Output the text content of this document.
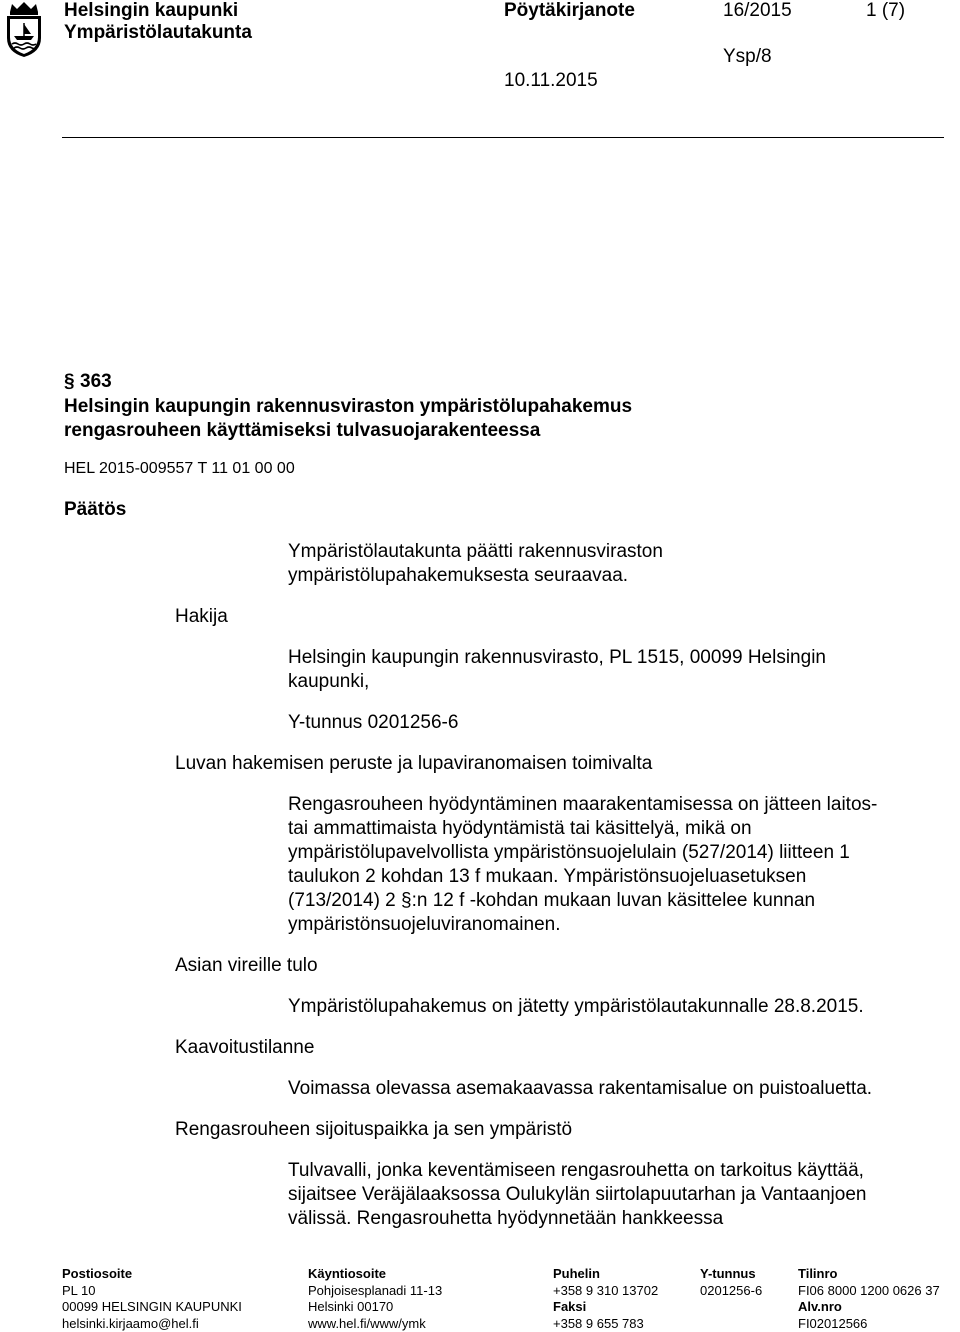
Helsingin kaupunki
Ympäristölautakunta
Pöytäkirjanote	16/2015	1 (7)
Ysp/8
10.11.2015
§ 363
Helsingin kaupungin rakennusviraston ympäristölupahakemus
rengasrouheen käyttämiseksi tulvasuojarakenteessa
HEL 2015-009557 T 11 01 00 00
Päätös
Ympäristölautakunta päätti rakennusviraston
ympäristölupahakemuksesta seuraavaa.
Hakija
Helsingin kaupungin rakennusvirasto, PL 1515, 00099 Helsingin
kaupunki,
Y-tunnus 0201256-6
Luvan hakemisen peruste ja lupaviranomaisen toimivalta
Rengasrouheen hyödyntäminen maarakentamisessa on jätteen laitos-
tai ammattimaista hyödyntämistä tai käsittelyä, mikä on
ympäristölupavelvollista ympäristönsuojelulain (527/2014) liitteen 1
taulukon 2 kohdan 13 f mukaan. Ympäristönsuojeluasetuksen
(713/2014) 2 §:n 12 f -kohdan mukaan luvan käsittelee kunnan
ympäristönsuojeluviranomainen.
Asian vireille tulo
Ympäristölupahakemus on jätetty ympäristölautakunnalle 28.8.2015.
Kaavoitustilanne
Voimassa olevassa asemakaavassa rakentamisalue on puistoaluetta.
Rengasrouheen sijoituspaikka ja sen ympäristö
Tulvavalli, jonka keventämiseen rengasrouhetta on tarkoitus käyttää,
sijaitsee Veräjälaaksossa Oulukylän siirtolapuutarhan ja Vantaanjoen
välissä. Rengasrouhetta hyödynnetään hankkeessa
Postiosoite
PL 10
00099 HELSINGIN KAUPUNKI
helsinki.kirjaamo@hel.fi
Käyntiosoite
Pohjoisesplanadi 11-13
Helsinki 00170
www.hel.fi/www/ymk
Puhelin
+358 9 310 13702
Faksi
+358 9 655 783
Y-tunnus
0201256-6
Tilinro
FI06 8000 1200 0626 37
Alv.nro
FI02012566
